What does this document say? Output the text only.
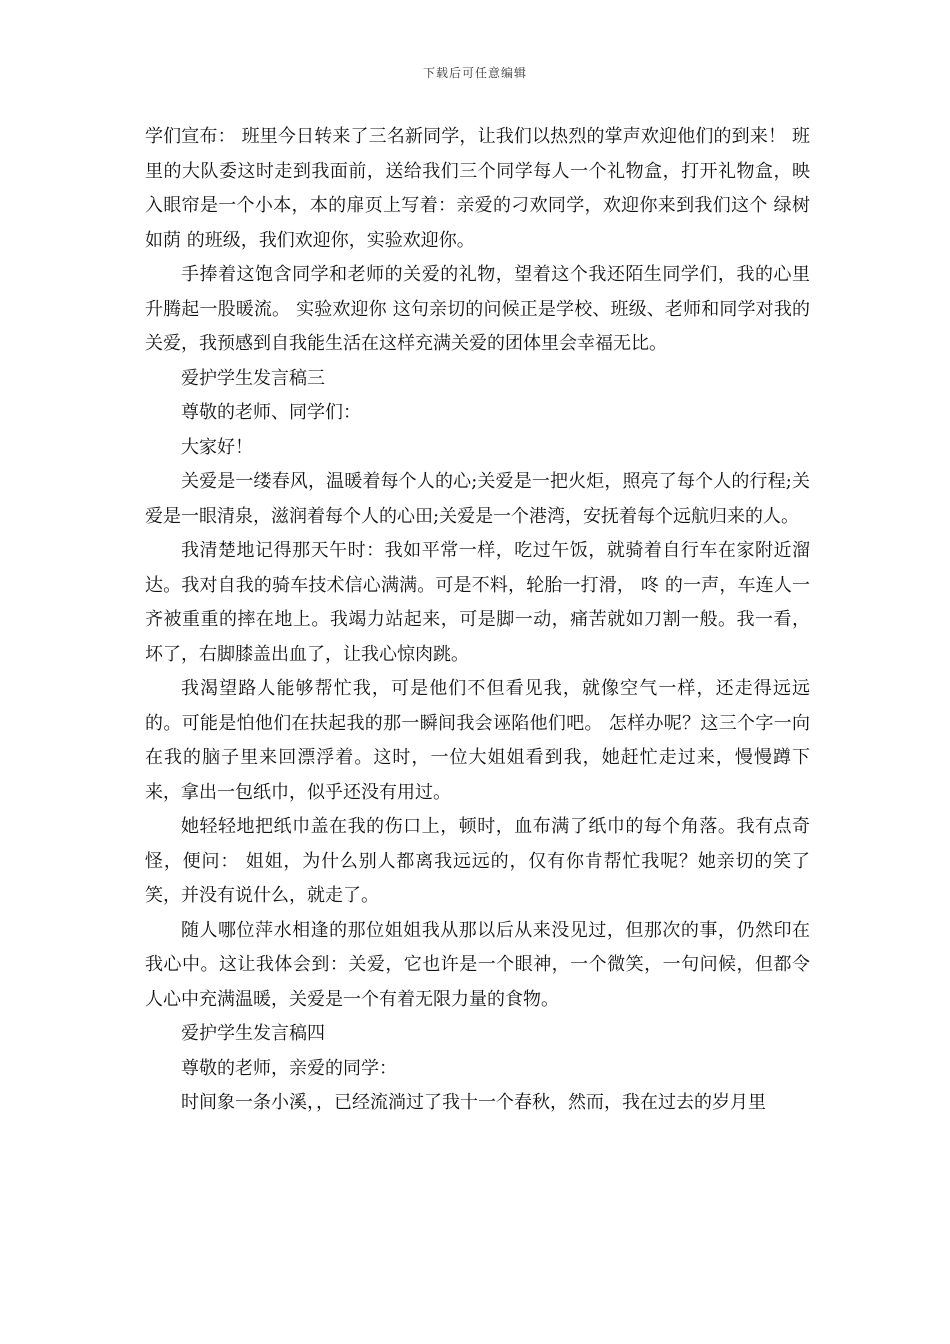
下载后可任意编辑

学们宣布： 班里今日转来了三名新同学，让我们以热烈的掌声欢迎他们的到来！ 班里的大队委这时走到我面前，送给我们三个同学每人一个礼物盒，打开礼物盒，映入眼帘是一个小本，本的扉页上写着：亲爱的刁欢同学，欢迎你来到我们这个 绿树如荫 的班级，我们欢迎你，实验欢迎你。

手捧着这饱含同学和老师的关爱的礼物，望着这个我还陌生同学们，我的心里升腾起一股暖流。 实验欢迎你 这句亲切的问候正是学校、班级、老师和同学对我的关爱，我预感到自我能生活在这样充满关爱的团体里会幸福无比。

爱护学生发言稿三

尊敬的老师、同学们：

大家好！

关爱是一缕春风，温暖着每个人的心;关爱是一把火炬，照亮了每个人的行程;关爱是一眼清泉，滋润着每个人的心田;关爱是一个港湾，安抚着每个远航归来的人。

我清楚地记得那天午时：我如平常一样，吃过午饭，就骑着自行车在家附近溜达。我对自我的骑车技术信心满满。可是不料，轮胎一打滑， 咚 的一声，车连人一齐被重重的摔在地上。我竭力站起来，可是脚一动，痛苦就如刀割一般。我一看，坏了，右脚膝盖出血了，让我心惊肉跳。

我渴望路人能够帮忙我，可是他们不但看见我，就像空气一样，还走得远远的。可能是怕他们在扶起我的那一瞬间我会诬陷他们吧。 怎样办呢？这三个字一向在我的脑子里来回漂浮着。这时，一位大姐姐看到我，她赶忙走过来，慢慢蹲下来，拿出一包纸巾，似乎还没有用过。

她轻轻地把纸巾盖在我的伤口上，顿时，血布满了纸巾的每个角落。我有点奇怪，便问： 姐姐，为什么别人都离我远远的，仅有你肯帮忙我呢？她亲切的笑了笑，并没有说什么，就走了。

随人哪位萍水相逢的那位姐姐我从那以后从来没见过，但那次的事，仍然印在我心中。这让我体会到：关爱，它也许是一个眼神，一个微笑，一句问候，但都令人心中充满温暖，关爱是一个有着无限力量的食物。

爱护学生发言稿四

尊敬的老师，亲爱的同学：

时间象一条小溪，，已经流淌过了我十一个春秋，然而，我在过去的岁月里
